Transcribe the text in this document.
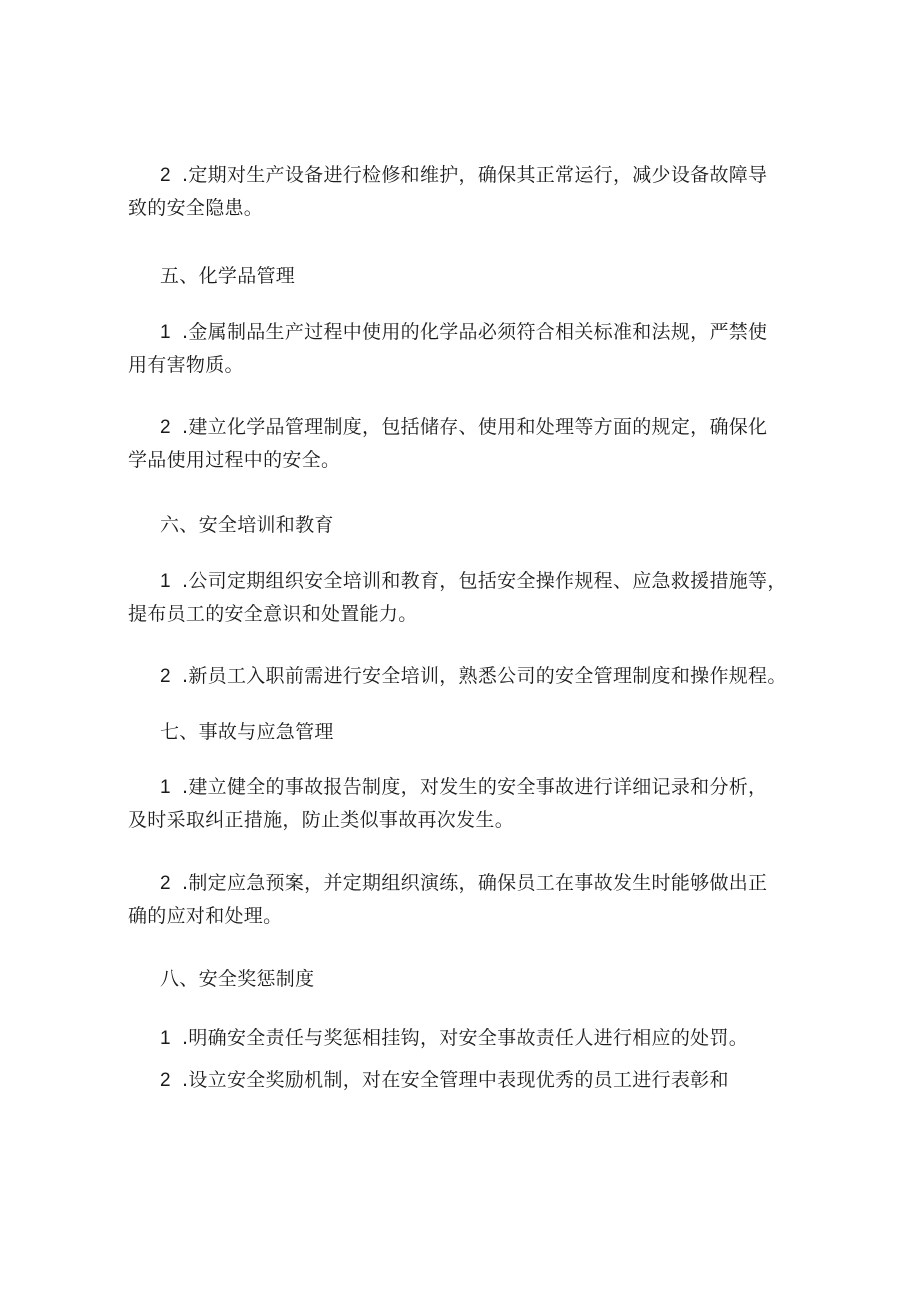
2 .定期对生产设备进行检修和维护，确保其正常运行，减少设备故障导
致的安全隐患。
五、化学品管理
1 .金属制品生产过程中使用的化学品必须符合相关标准和法规，严禁使
用有害物质。
2 .建立化学品管理制度，包括储存、使用和处理等方面的规定，确保化
学品使用过程中的安全。
六、安全培训和教育
1 .公司定期组织安全培训和教育，包括安全操作规程、应急救援措施等，
提布员工的安全意识和处置能力。
2 .新员工入职前需进行安全培训，熟悉公司的安全管理制度和操作规程。
七、事故与应急管理
1 .建立健全的事故报告制度，对发生的安全事故进行详细记录和分析，
及时采取纠正措施，防止类似事故再次发生。
2 .制定应急预案，并定期组织演练，确保员工在事故发生时能够做出正
确的应对和处理。
八、安全奖惩制度
1 .明确安全责任与奖惩相挂钩，对安全事故责任人进行相应的处罚。
2 .设立安全奖励机制，对在安全管理中表现优秀的员工进行表彰和
